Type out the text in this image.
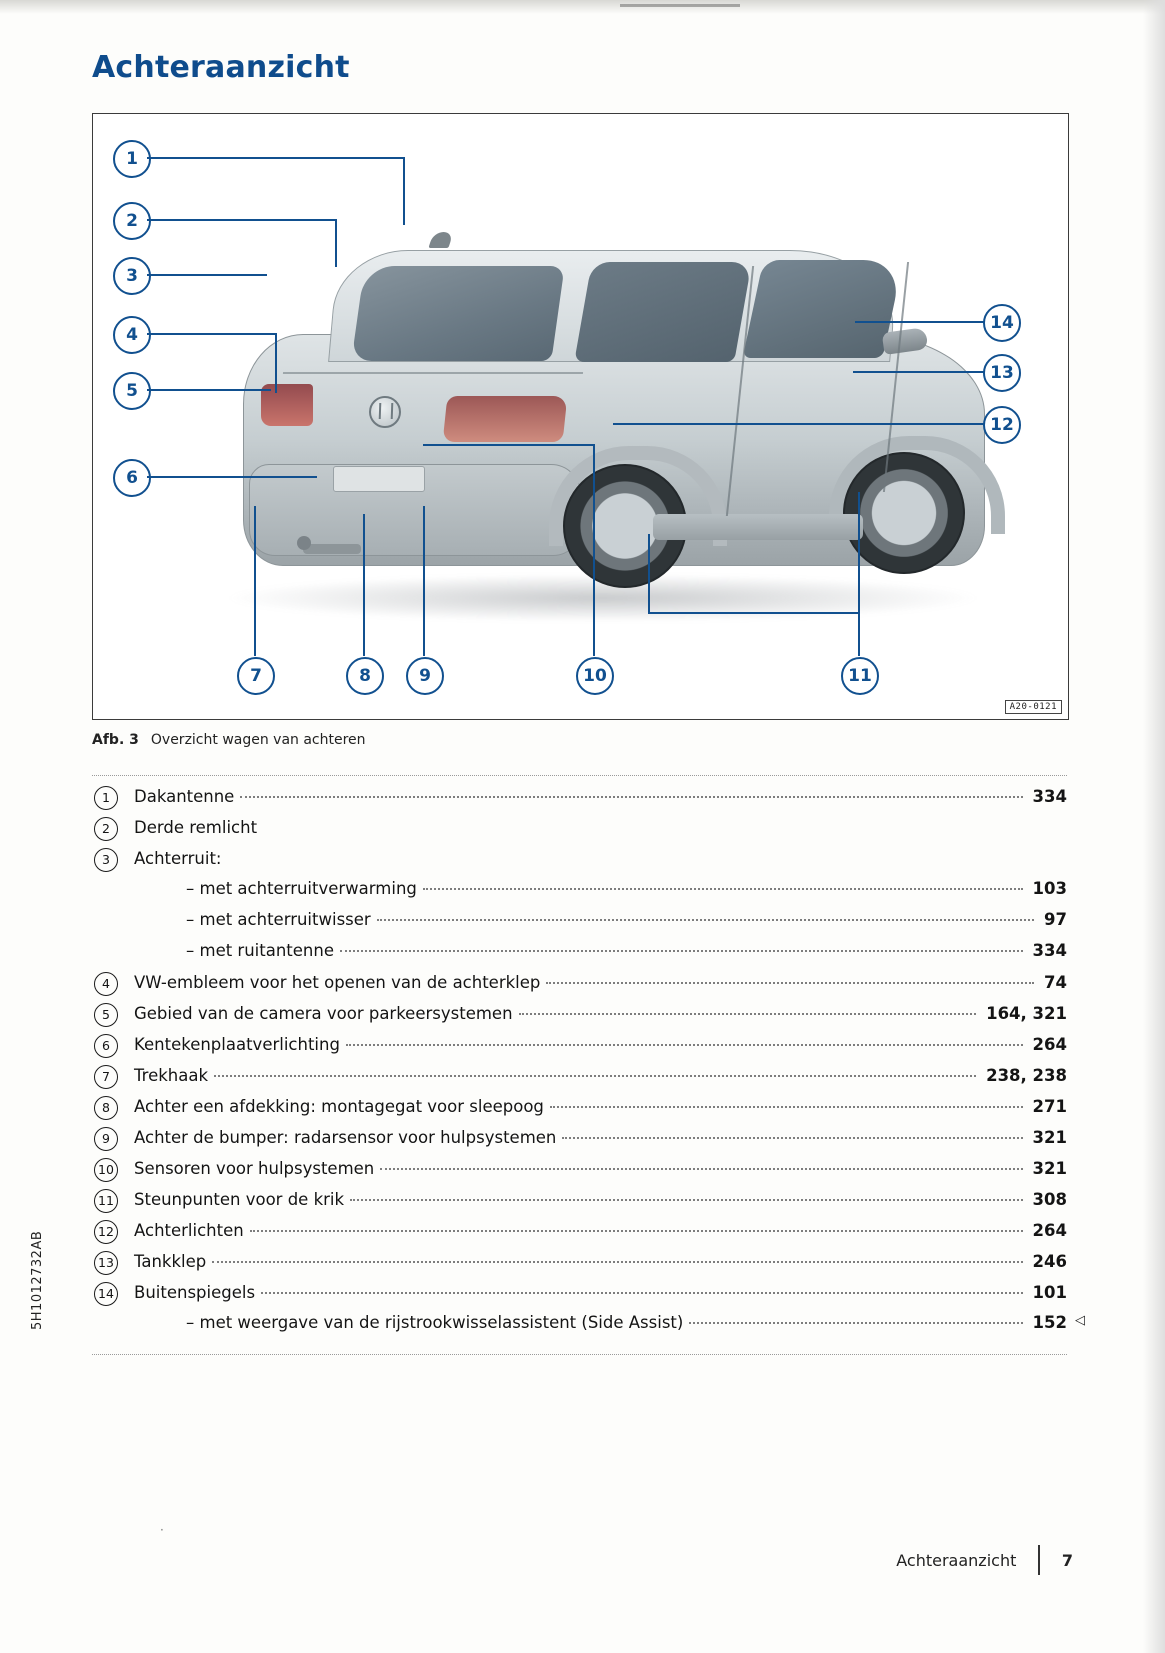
Achteraanzicht
1
2
3
4
5
6
7	8	9	10	11
12
13
14
A20-0121
Afb. 3 Overzicht wagen van achteren
1	Dakantenne	334
2	Derde remlicht
3	Achterruit:
– met achterruitverwarming	103
– met achterruitwisser	97
– met ruitantenne	334
4	VW-embleem voor het openen van de achterklep	74
5	Gebied van de camera voor parkeersystemen	164, 321
6	Kentekenplaatverlichting	264
7	Trekhaak	238, 238
8	Achter een afdekking: montagegat voor sleepoog	271
9	Achter de bumper: radarsensor voor hulpsystemen	321
10 Sensoren voor hulpsystemen	321
11 Steunpunten voor de krik	308
12 Achterlichten	264
13 Tankklep	246
14 Buitenspiegels	101
– met weergave van de rijstrookwisselassistent (Side Assist)	152 ◁
5H1012732AB
·
Achteraanzicht	7
